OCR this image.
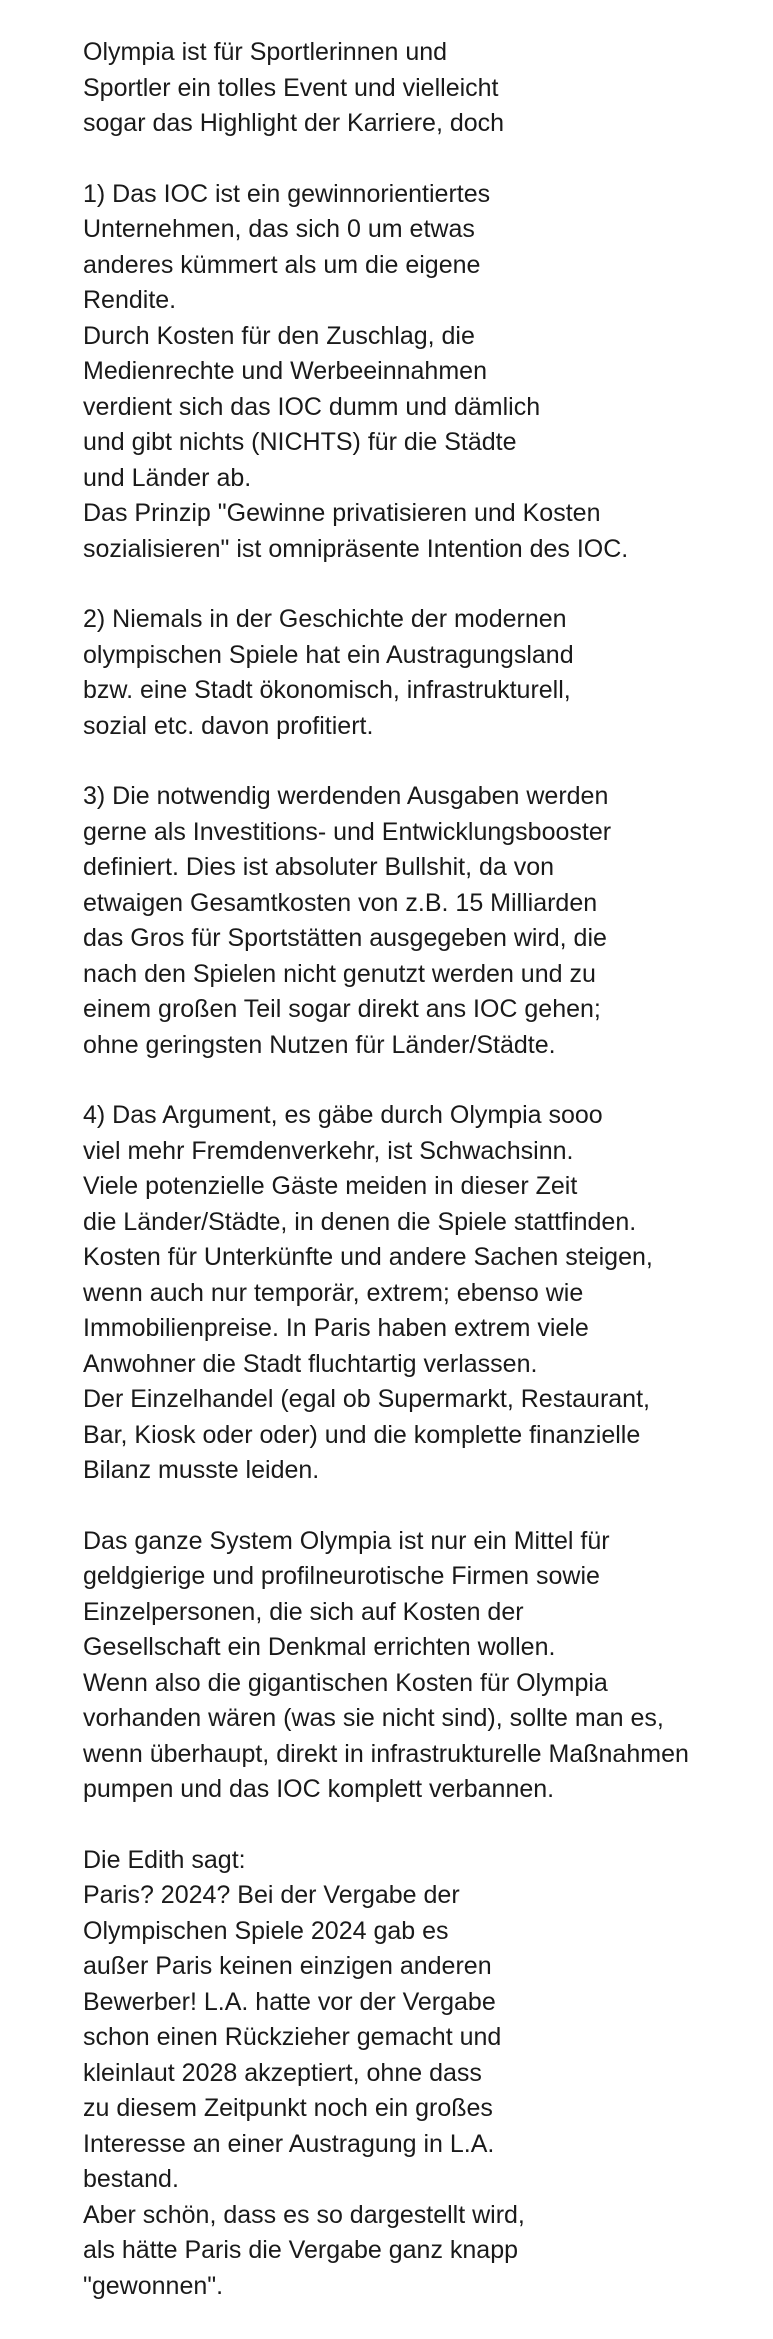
Olympia ist für Sportlerinnen und
Sportler ein tolles Event und vielleicht
sogar das Highlight der Karriere, doch
1) Das IOC ist ein gewinnorientiertes
Unternehmen, das sich 0 um etwas
anderes kümmert als um die eigene
Rendite.
Durch Kosten für den Zuschlag, die
Medienrechte und Werbeeinnahmen
verdient sich das IOC dumm und dämlich
und gibt nichts (NICHTS) für die Städte
und Länder ab.
Das Prinzip "Gewinne privatisieren und Kosten
sozialisieren" ist omnipräsente Intention des IOC.
2) Niemals in der Geschichte der modernen
olympischen Spiele hat ein Austragungsland
bzw. eine Stadt ökonomisch, infrastrukturell,
sozial etc. davon profitiert.
3) Die notwendig werdenden Ausgaben werden
gerne als Investitions- und Entwicklungsbooster
definiert. Dies ist absoluter Bullshit, da von
etwaigen Gesamtkosten von z.B. 15 Milliarden
das Gros für Sportstätten ausgegeben wird, die
nach den Spielen nicht genutzt werden und zu
einem großen Teil sogar direkt ans IOC gehen;
ohne geringsten Nutzen für Länder/Städte.
4) Das Argument, es gäbe durch Olympia sooo
viel mehr Fremdenverkehr, ist Schwachsinn.
Viele potenzielle Gäste meiden in dieser Zeit
die Länder/Städte, in denen die Spiele stattfinden.
Kosten für Unterkünfte und andere Sachen steigen,
wenn auch nur temporär, extrem; ebenso wie
Immobilienpreise. In Paris haben extrem viele
Anwohner die Stadt fluchtartig verlassen.
Der Einzelhandel (egal ob Supermarkt, Restaurant,
Bar, Kiosk oder oder) und die komplette finanzielle
Bilanz musste leiden.
Das ganze System Olympia ist nur ein Mittel für
geldgierige und profilneurotische Firmen sowie
Einzelpersonen, die sich auf Kosten der
Gesellschaft ein Denkmal errichten wollen.
Wenn also die gigantischen Kosten für Olympia
vorhanden wären (was sie nicht sind), sollte man es,
wenn überhaupt, direkt in infrastrukturelle Maßnahmen
pumpen und das IOC komplett verbannen.
Die Edith sagt:
Paris? 2024? Bei der Vergabe der
Olympischen Spiele 2024 gab es
außer Paris keinen einzigen anderen
Bewerber! L.A. hatte vor der Vergabe
schon einen Rückzieher gemacht und
kleinlaut 2028 akzeptiert, ohne dass
zu diesem Zeitpunkt noch ein großes
Interesse an einer Austragung in L.A.
bestand.
Aber schön, dass es so dargestellt wird,
als hätte Paris die Vergabe ganz knapp
"gewonnen".
